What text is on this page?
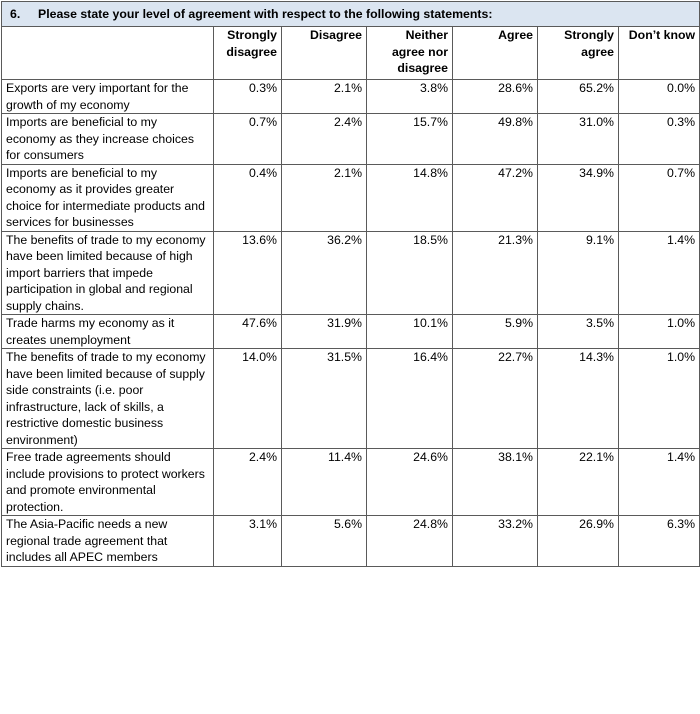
6. Please state your level of agreement with respect to the following statements:						
	Strongly disagree	Disagree	Neither agree nor disagree	Agree	Strongly agree	Don’t know
Exports are very important for the growth of my economy	0.3%	2.1%	3.8%	28.6%	65.2%	0.0%
Imports are beneficial to my economy as they increase choices for consumers	0.7%	2.4%	15.7%	49.8%	31.0%	0.3%
Imports are beneficial to my economy as it provides greater choice for intermediate products and services for businesses	0.4%	2.1%	14.8%	47.2%	34.9%	0.7%
The benefits of trade to my economy have been limited because of high import barriers that impede participation in global and regional supply chains.	13.6%	36.2%	18.5%	21.3%	9.1%	1.4%
Trade harms my economy as it creates unemployment	47.6%	31.9%	10.1%	5.9%	3.5%	1.0%
The benefits of trade to my economy have been limited because of supply side constraints (i.e. poor infrastructure, lack of skills, a restrictive domestic business environment)	14.0%	31.5%	16.4%	22.7%	14.3%	1.0%
Free trade agreements should include provisions to protect workers and promote environmental protection.	2.4%	11.4%	24.6%	38.1%	22.1%	1.4%
The Asia-Pacific needs a new regional trade agreement that includes all APEC members	3.1%	5.6%	24.8%	33.2%	26.9%	6.3%
